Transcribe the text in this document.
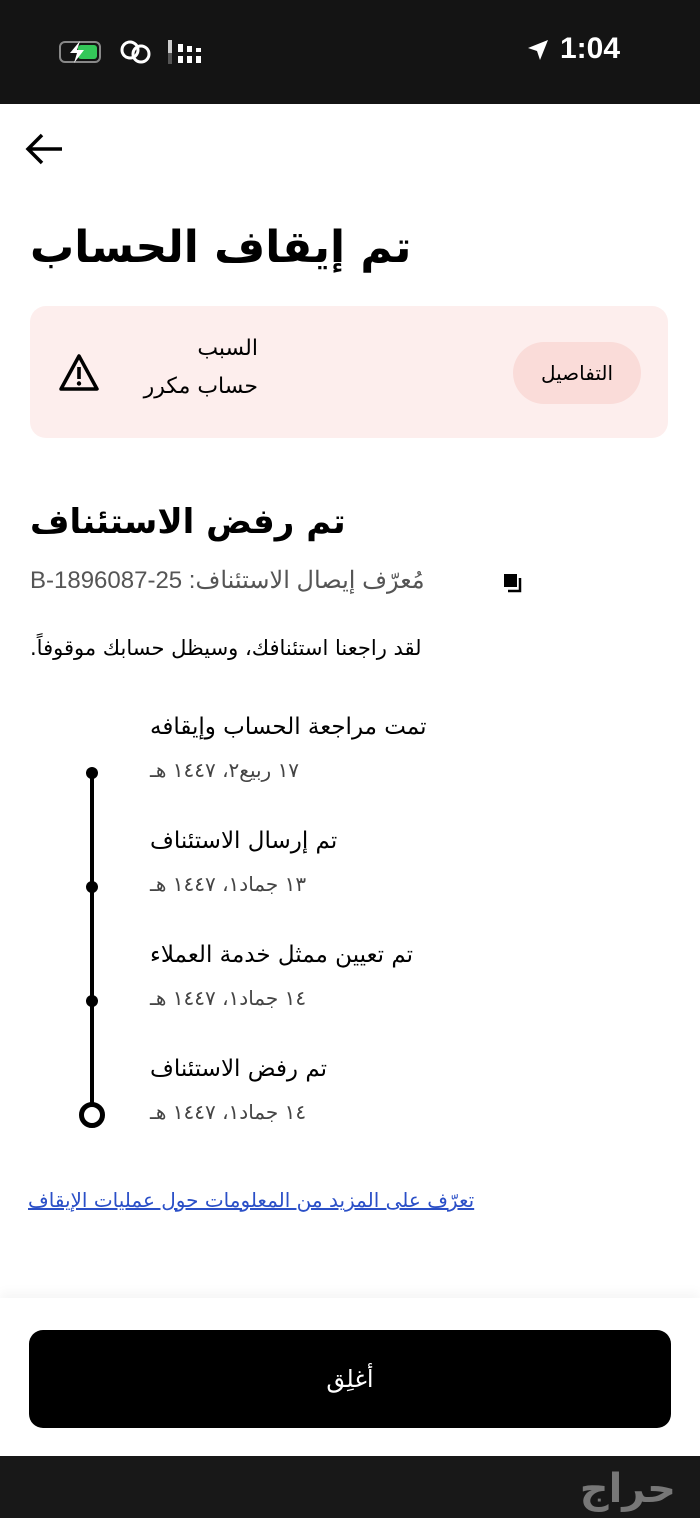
1:04
تم إيقاف الحساب
السبب
حساب مكرر
التفاصيل
تم رفض الاستئناف
B-1896مُعرّف إيصال الاستئناف: 25-087

لقد راجعنا استئنافك، وسيظل حسابك موقوفاً.

تمت مراجعة الحساب وإيقافه
١٧ ربيع٢، ١٤٤٧ هـ
تم إرسال الاستئناف
١٣ جماد١، ١٤٤٧ هـ
تم تعيين ممثل خدمة العملاء
١٤ جماد١، ١٤٤٧ هـ
تم رفض الاستئناف
١٤ جماد١، ١٤٤٧ هـ
تعرّف على المزيد من المعلومات حول عمليات الإيقاف
أغلِق
حراج
